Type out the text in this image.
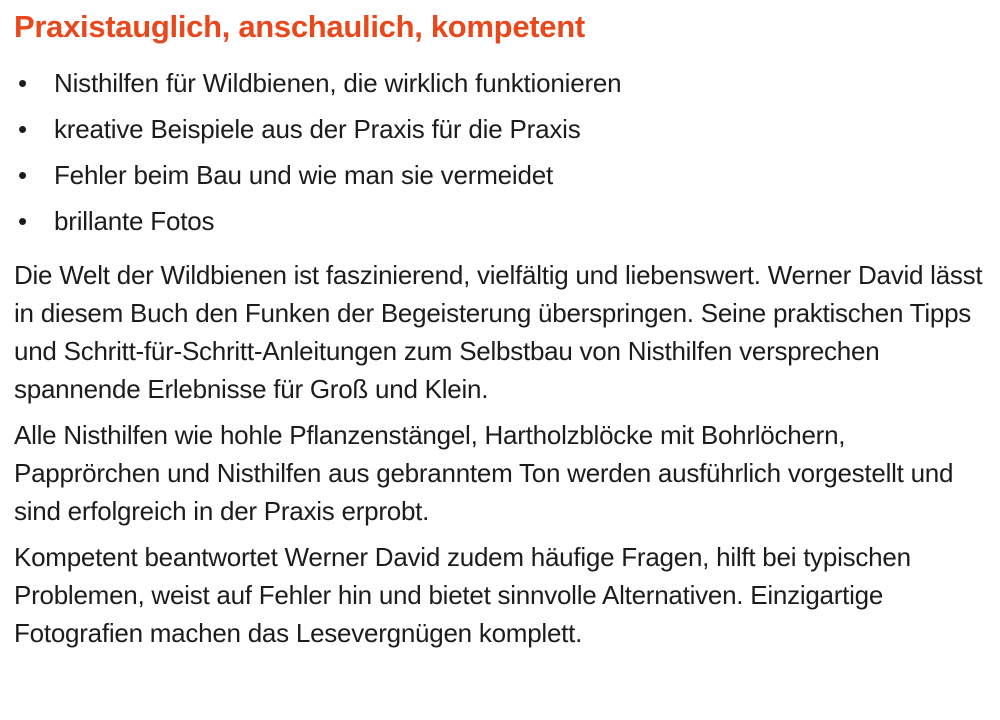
Praxistauglich, anschaulich, kompetent
• Nisthilfen für Wildbienen, die wirklich funktionieren
• kreative Beispiele aus der Praxis für die Praxis
• Fehler beim Bau und wie man sie vermeidet
• brillante Fotos

Die Welt der Wildbienen ist faszinierend, vielfältig und liebenswert. Werner David lässt in diesem Buch den Funken der Begeisterung überspringen. Seine praktischen Tipps und Schritt-für-Schritt-Anleitungen zum Selbstbau von Nisthilfen versprechen spannende Erlebnisse für Groß und Klein.

Alle Nisthilfen wie hohle Pflanzenstängel, Hartholzblöcke mit Bohrlöchern, Papprörchen und Nisthilfen aus gebranntem Ton werden ausführlich vorgestellt und sind erfolgreich in der Praxis erprobt.

Kompetent beantwortet Werner David zudem häufige Fragen, hilft bei typischen Problemen, weist auf Fehler hin und bietet sinnvolle Alternativen. Einzigartige Fotografien machen das Lesevergnügen komplett.
